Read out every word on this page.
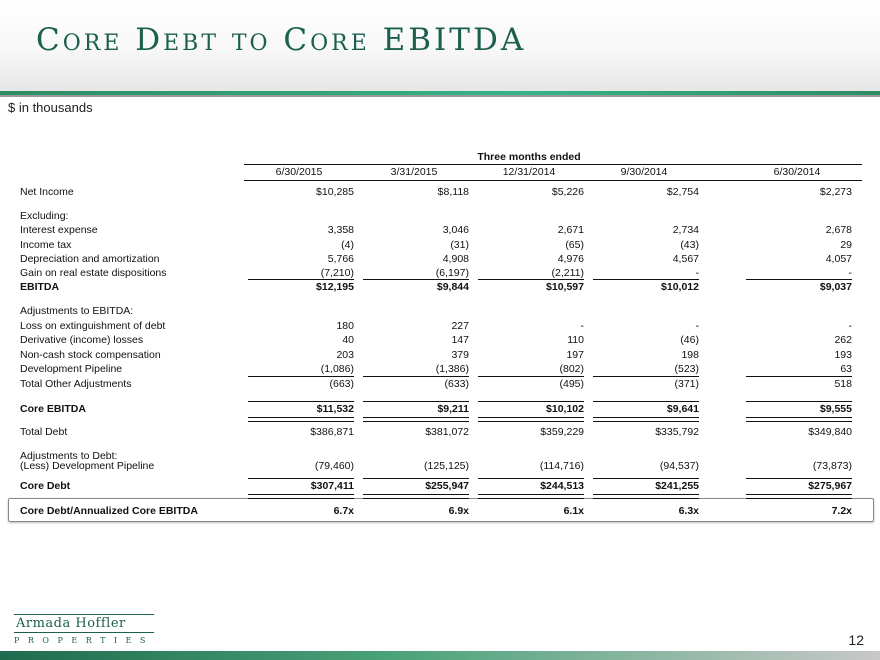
Core Debt to Core EBITDA
$ in thousands
Three months ended
6/30/2015	3/31/2015	12/31/2014	9/30/2014	6/30/2014
Net Income	$10,285	$8,118	$5,226	$2,754	$2,273
Excluding:
Interest expense	3,358	3,046	2,671	2,734	2,678
Income tax	(4)	(31)	(65)	(43)	29
Depreciation and amortization	5,766	4,908	4,976	4,567	4,057
Gain on real estate dispositions	(7,210)	(6,197)	(2,211)	-	-
EBITDA	$12,195	$9,844	$10,597	$10,012	$9,037
Adjustments to EBITDA:
Loss on extinguishment of debt	180	227	-	-	-
Derivative (income) losses	40	147	110	(46)	262
Non-cash stock compensation	203	379	197	198	193
Development Pipeline	(1,086)	(1,386)	(802)	(523)	63
Total Other Adjustments	(663)	(633)	(495)	(371)	518
Core EBITDA	$11,532	$9,211	$10,102	$9,641	$9,555
Total Debt	$386,871	$381,072	$359,229	$335,792	$349,840
Adjustments to Debt:
(Less) Development Pipeline	(79,460)	(125,125)	(114,716)	(94,537)	(73,873)
Core Debt	$307,411	$255,947	$244,513	$241,255	$275,967
Core Debt/Annualized Core EBITDA	6.7x	6.9x	6.1x	6.3x	7.2x
Armada Hoffler
PROPERTIES	12
